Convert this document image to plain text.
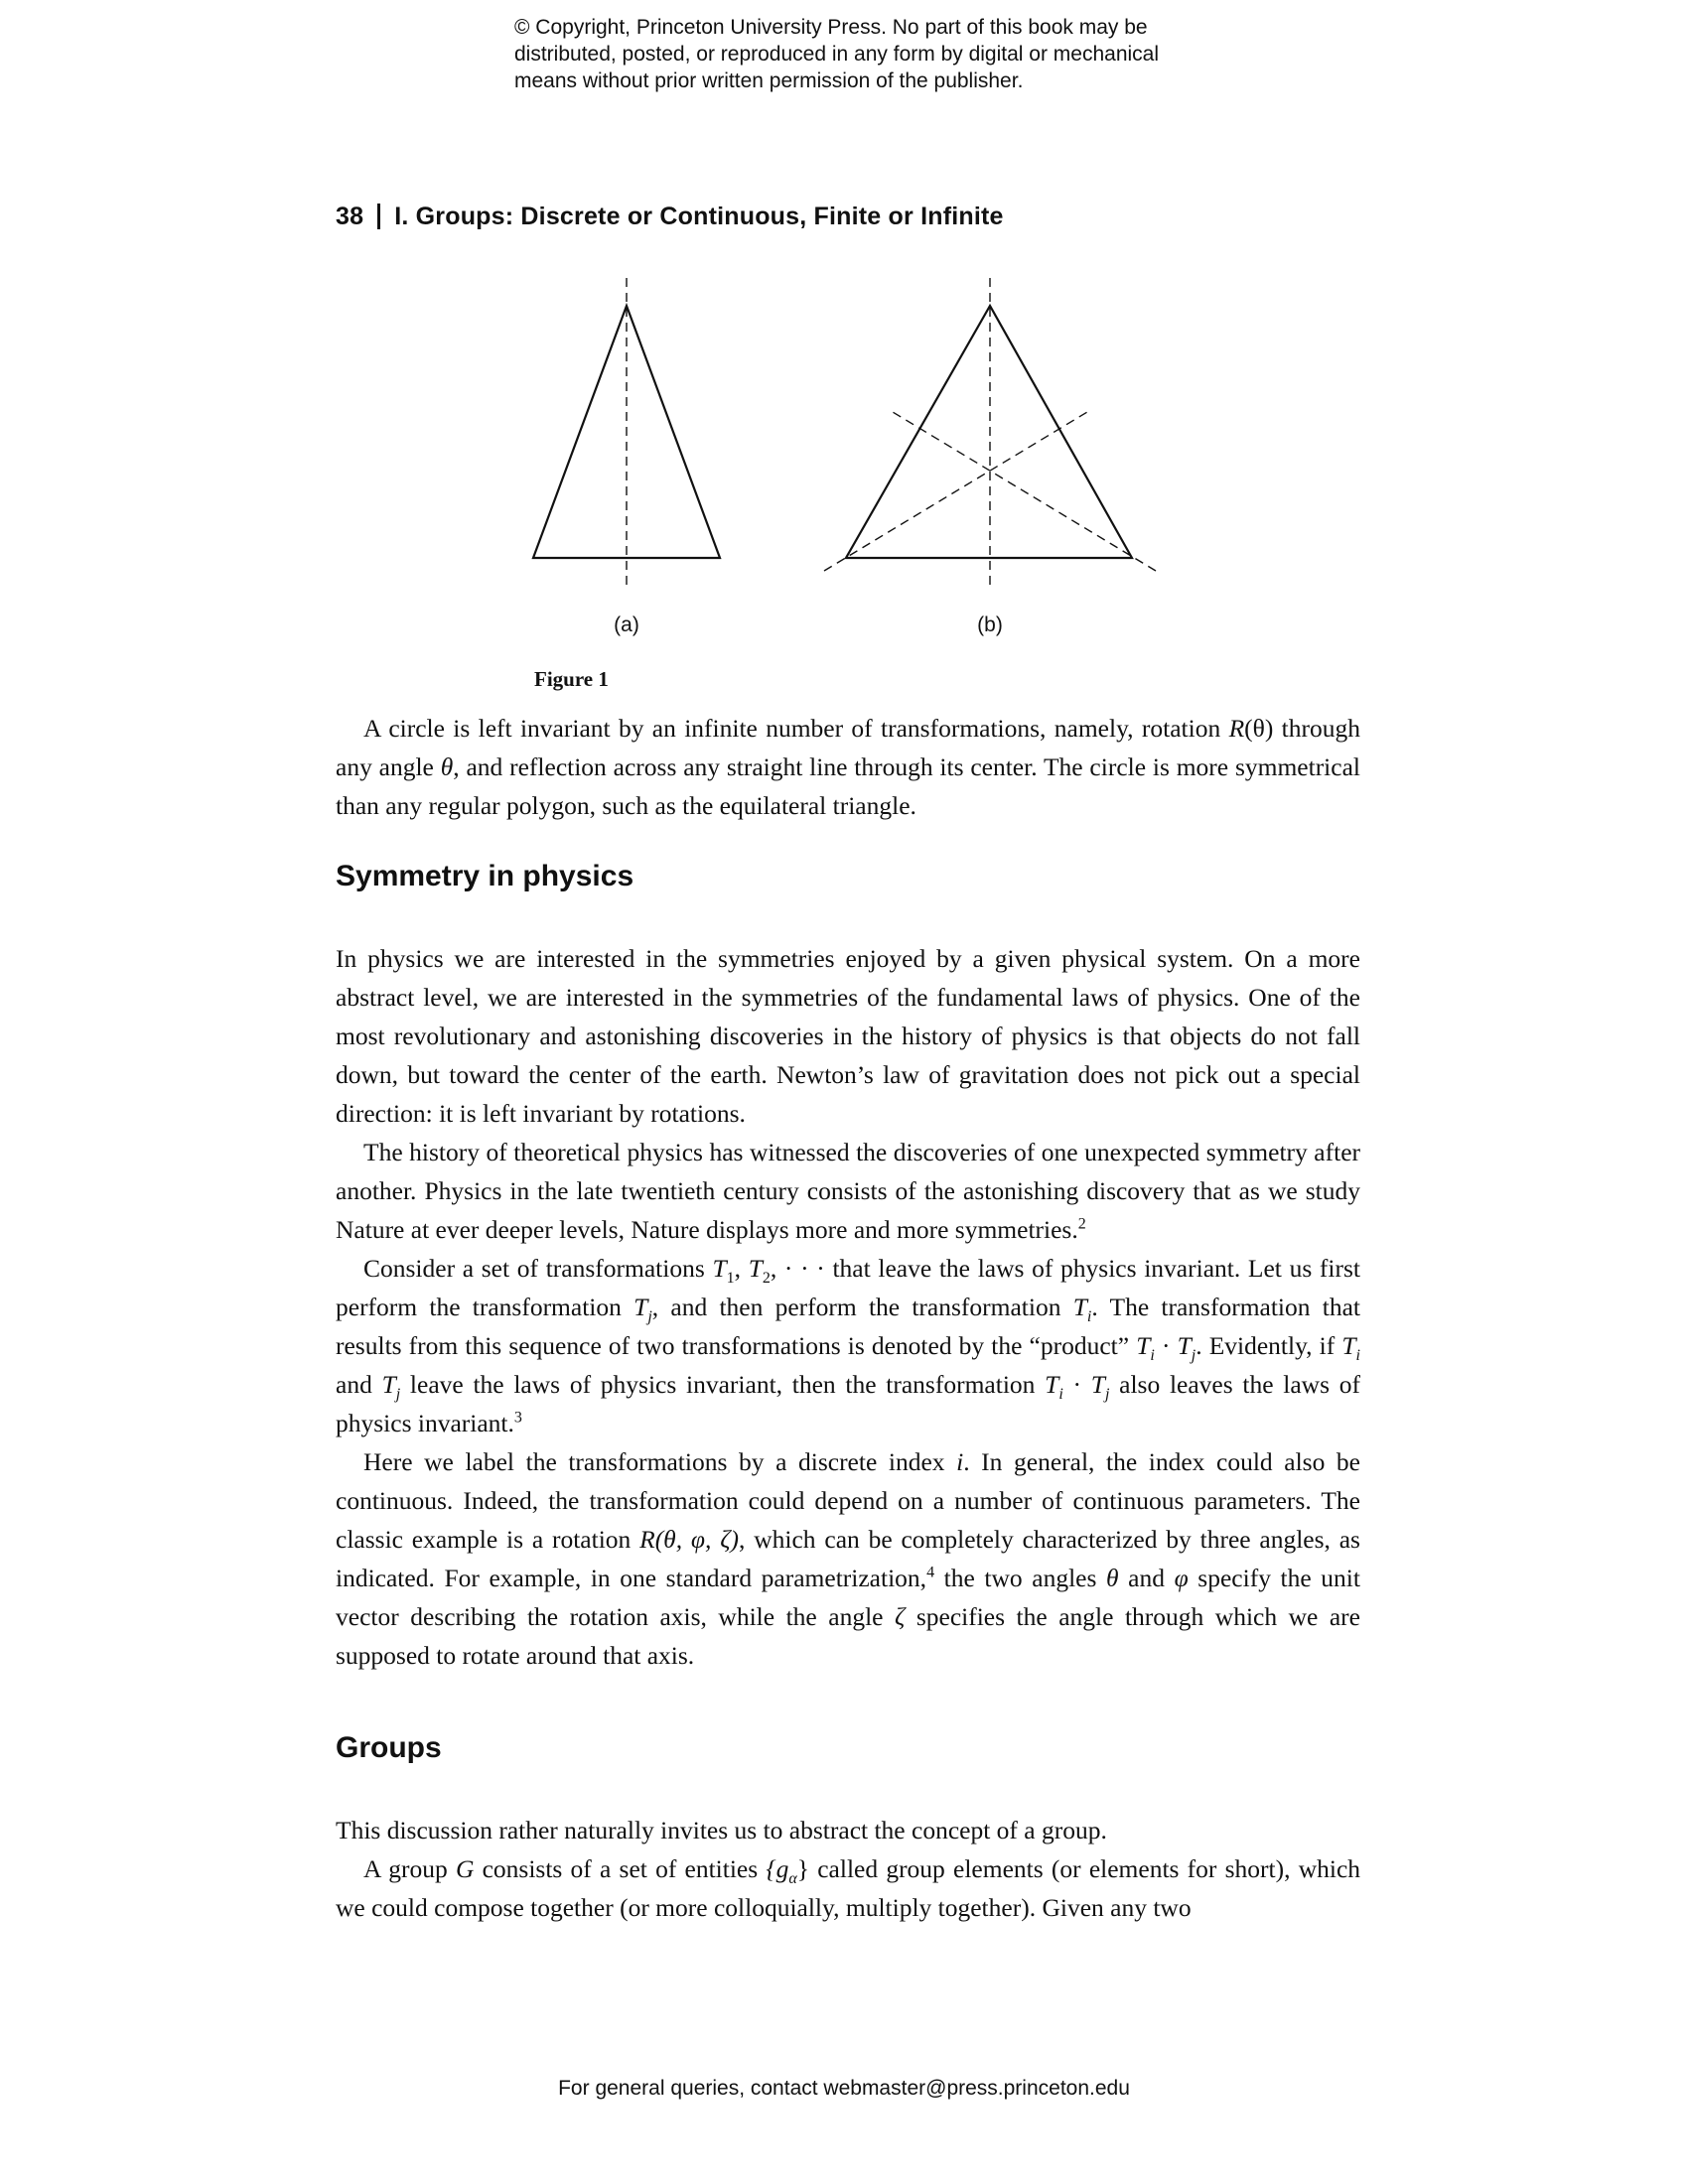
© Copyright, Princeton University Press. No part of this book may be
distributed, posted, or reproduced in any form by digital or mechanical
means without prior written permission of the publisher.
38 I. Groups: Discrete or Continuous, Finite or Infinite
(a)	(b)
Figure 1

A circle is left invariant by an infinite number of transformations, namely, rotation R(θ) through any angle θ, and reflection across any straight line through its center. The circle is more symmetrical than any regular polygon, such as the equilateral triangle.

Symmetry in physics

In physics we are interested in the symmetries enjoyed by a given physical system. On a more abstract level, we are interested in the symmetries of the fundamental laws of physics. One of the most revolutionary and astonishing discoveries in the history of physics is that objects do not fall down, but toward the center of the earth. Newton’s law of gravitation does not pick out a special direction: it is left invariant by rotations.

The history of theoretical physics has witnessed the discoveries of one unexpected symmetry after another. Physics in the late twentieth century consists of the astonishing discovery that as we study Nature at ever deeper levels, Nature displays more and more symmetries.$^2$

Consider a set of transformations $T_1$, $T_2$, · · · that leave the laws of physics invariant. Let us first perform the transformation $T_j$, and then perform the transformation $T_i$. The transformation that results from this sequence of two transformations is denoted by the “product” $T_i \cdot T_j$. Evidently, if $T_i$ and $T_j$ leave the laws of physics invariant, then the transformation $T_i \cdot T_j$ also leaves the laws of physics invariant.$^3$

Here we label the transformations by a discrete index i. In general, the index could also be continuous. Indeed, the transformation could depend on a number of continuous parameters. The classic example is a rotation R(θ, φ, ζ), which can be completely characterized by three angles, as indicated. For example, in one standard parametrization,$^4$ the two angles θ and φ specify the unit vector describing the rotation axis, while the angle ζ specifies the angle through which we are supposed to rotate around that axis.

Groups

This discussion rather naturally invites us to abstract the concept of a group.

A group G consists of a set of entities $\{g_\alpha\}$ called group elements (or elements for short), which we could compose together (or more colloquially, multiply together). Given any two

For general queries, contact webmaster@press.princeton.edu
